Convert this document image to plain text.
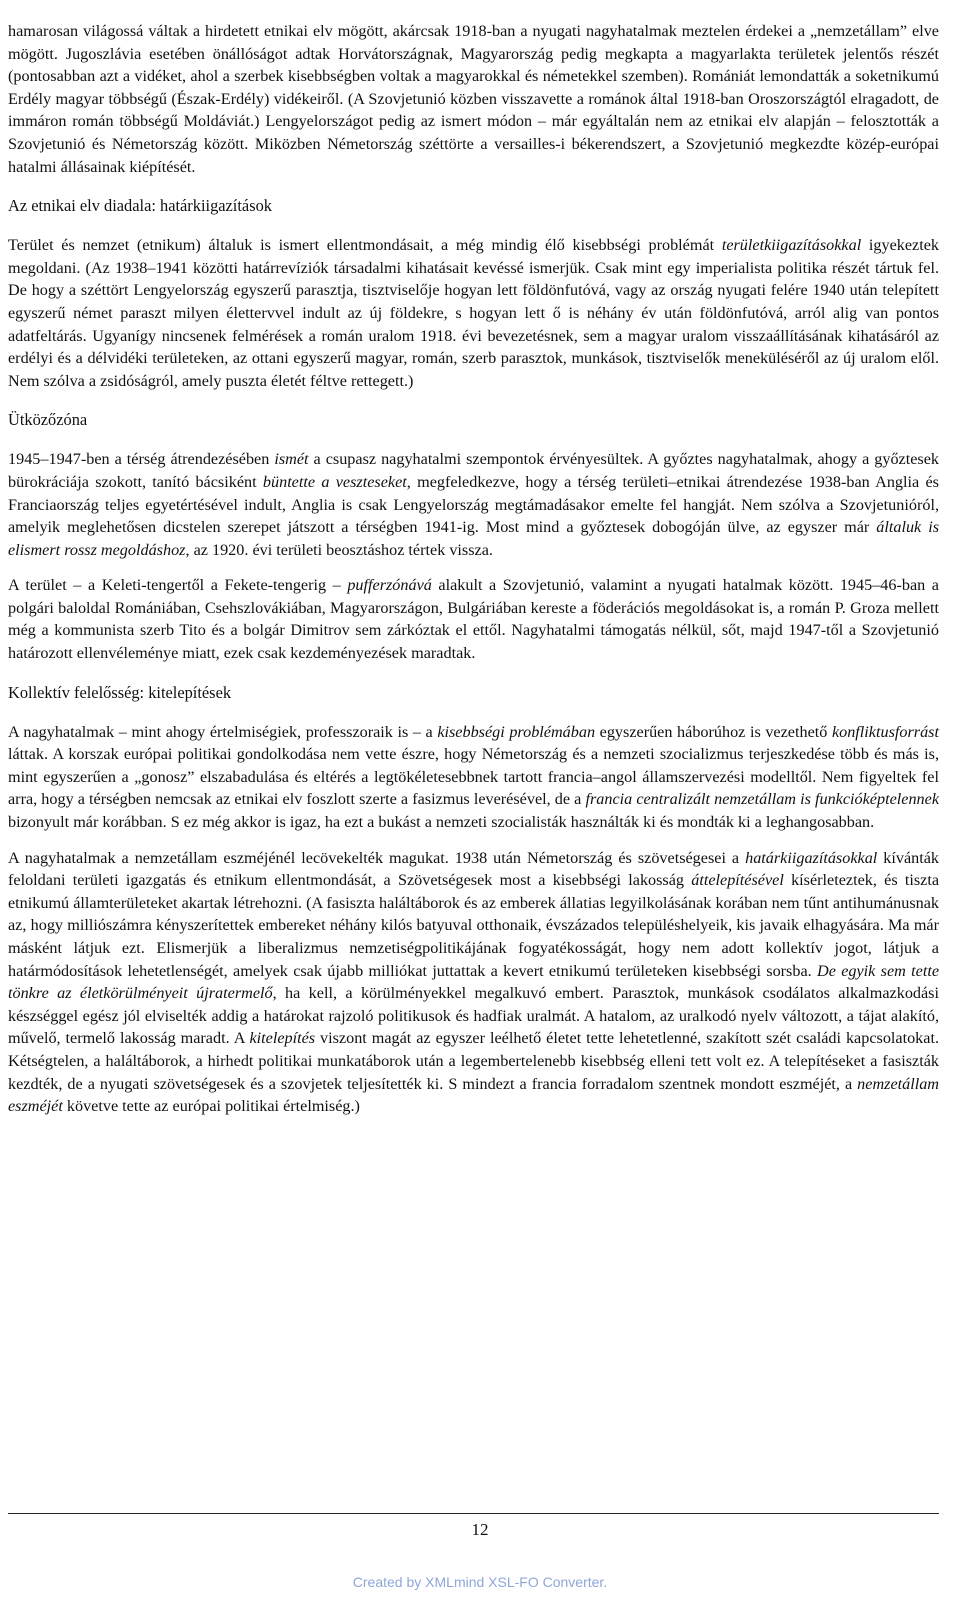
hamarosan világossá váltak a hirdetett etnikai elv mögött, akárcsak 1918-ban a nyugati nagyhatalmak meztelen érdekei a „nemzetállam” elve mögött. Jugoszlávia esetében önállóságot adtak Horvátországnak, Magyarország pedig megkapta a magyarlakta területek jelentős részét (pontosabban azt a vidéket, ahol a szerbek kisebbségben voltak a magyarokkal és németekkel szemben). Romániát lemondatták a soketnikumú Erdély magyar többségű (Észak-Erdély) vidékeiről. (A Szovjetunió közben visszavette a románok által 1918-ban Oroszországtól elragadott, de immáron román többségű Moldáviát.) Lengyelországot pedig az ismert módon – már egyáltalán nem az etnikai elv alapján – felosztották a Szovjetunió és Németország között. Miközben Németország széttörte a versailles-i békerendszert, a Szovjetunió megkezdte közép-európai hatalmi állásainak kiépítését.

Az etnikai elv diadala: határkiigazítások

Terület és nemzet (etnikum) általuk is ismert ellentmondásait, a még mindig élő kisebbségi problémát területkiigazításokkal igyekeztek megoldani. (Az 1938–1941 közötti határrevíziók társadalmi kihatásait kevéssé ismerjük. Csak mint egy imperialista politika részét tártuk fel. De hogy a széttört Lengyelország egyszerű parasztja, tisztviselője hogyan lett földönfutóvá, vagy az ország nyugati felére 1940 után telepített egyszerű német paraszt milyen élettervvel indult az új földekre, s hogyan lett ő is néhány év után földönfutóvá, arról alig van pontos adatfeltárás. Ugyanígy nincsenek felmérések a román uralom 1918. évi bevezetésnek, sem a magyar uralom visszaállításának kihatásáról az erdélyi és a délvidéki területeken, az ottani egyszerű magyar, román, szerb parasztok, munkások, tisztviselők meneküléséről az új uralom elől. Nem szólva a zsidóságról, amely puszta életét féltve rettegett.)

Ütközőzóna

1945–1947-ben a térség átrendezésében ismét a csupasz nagyhatalmi szempontok érvényesültek. A győztes nagyhatalmak, ahogy a győztesek bürokráciája szokott, tanító bácsiként büntette a veszteseket, megfeledkezve, hogy a térség területi–etnikai átrendezése 1938-ban Anglia és Franciaország teljes egyetértésével indult, Anglia is csak Lengyelország megtámadásakor emelte fel hangját. Nem szólva a Szovjetunióról, amelyik meglehetősen dicstelen szerepet játszott a térségben 1941-ig. Most mind a győztesek dobogóján ülve, az egyszer már általuk is elismert rossz megoldáshoz, az 1920. évi területi beosztáshoz tértek vissza.

A terület – a Keleti-tengertől a Fekete-tengerig – pufferzónává alakult a Szovjetunió, valamint a nyugati hatalmak között. 1945–46-ban a polgári baloldal Romániában, Csehszlovákiában, Magyarországon, Bulgáriában kereste a föderációs megoldásokat is, a román P. Groza mellett még a kommunista szerb Tito és a bolgár Dimitrov sem zárkóztak el ettől. Nagyhatalmi támogatás nélkül, sőt, majd 1947-től a Szovjetunió határozott ellenvéleménye miatt, ezek csak kezdeményezések maradtak.

Kollektív felelősség: kitelepítések

A nagyhatalmak – mint ahogy értelmiségiek, professzoraik is – a kisebbségi problémában egyszerűen háborúhoz is vezethető konfliktusforrást láttak. A korszak európai politikai gondolkodása nem vette észre, hogy Németország és a nemzeti szocializmus terjeszkedése több és más is, mint egyszerűen a „gonosz” elszabadulása és eltérés a legtökéletesebbnek tartott francia–angol államszervezési modelltől. Nem figyeltek fel arra, hogy a térségben nemcsak az etnikai elv foszlott szerte a fasizmus leverésével, de a francia centralizált nemzetállam is funkcióképtelennek bizonyult már korábban. S ez még akkor is igaz, ha ezt a bukást a nemzeti szocialisták használták ki és mondták ki a leghangosabban.

A nagyhatalmak a nemzetállam eszméjénél lecövekelték magukat. 1938 után Németország és szövetségesei a határkiigazításokkal kívánták feloldani területi igazgatás és etnikum ellentmondását, a Szövetségesek most a kisebbségi lakosság áttelepítésével kísérleteztek, és tiszta etnikumú államterületeket akartak létrehozni. (A fasiszta haláltáborok és az emberek állatias legyilkolásának korában nem tűnt antihumánusnak az, hogy milliószámra kényszerítettek embereket néhány kilós batyuval otthonaik, évszázados településhelyeik, kis javaik elhagyására. Ma már másként látjuk ezt. Elismerjük a liberalizmus nemzetiségpolitikájának fogyatékosságát, hogy nem adott kollektív jogot, látjuk a határmódosítások lehetetlenségét, amelyek csak újabb milliókat juttattak a kevert etnikumú területeken kisebbségi sorsba. De egyik sem tette tönkre az életkörülményeit újratermelő, ha kell, a körülményekkel megalkuvó embert. Parasztok, munkások csodálatos alkalmazkodási készséggel egész jól elviselték addig a határokat rajzoló politikusok és hadfiak uralmát. A hatalom, az uralkodó nyelv változott, a tájat alakító, művelő, termelő lakosság maradt. A kitelepítés viszont magát az egyszer leélhető életet tette lehetetlenné, szakított szét családi kapcsolatokat. Kétségtelen, a haláltáborok, a hirhedt politikai munkatáborok után a legembertelenebb kisebbség elleni tett volt ez. A telepítéseket a fasiszták kezdték, de a nyugati szövetségesek és a szovjetek teljesítették ki. S mindezt a francia forradalom szentnek mondott eszméjét, a nemzetállam eszméjét követve tette az európai politikai értelmiség.)

12
Created by XMLmind XSL-FO Converter.
